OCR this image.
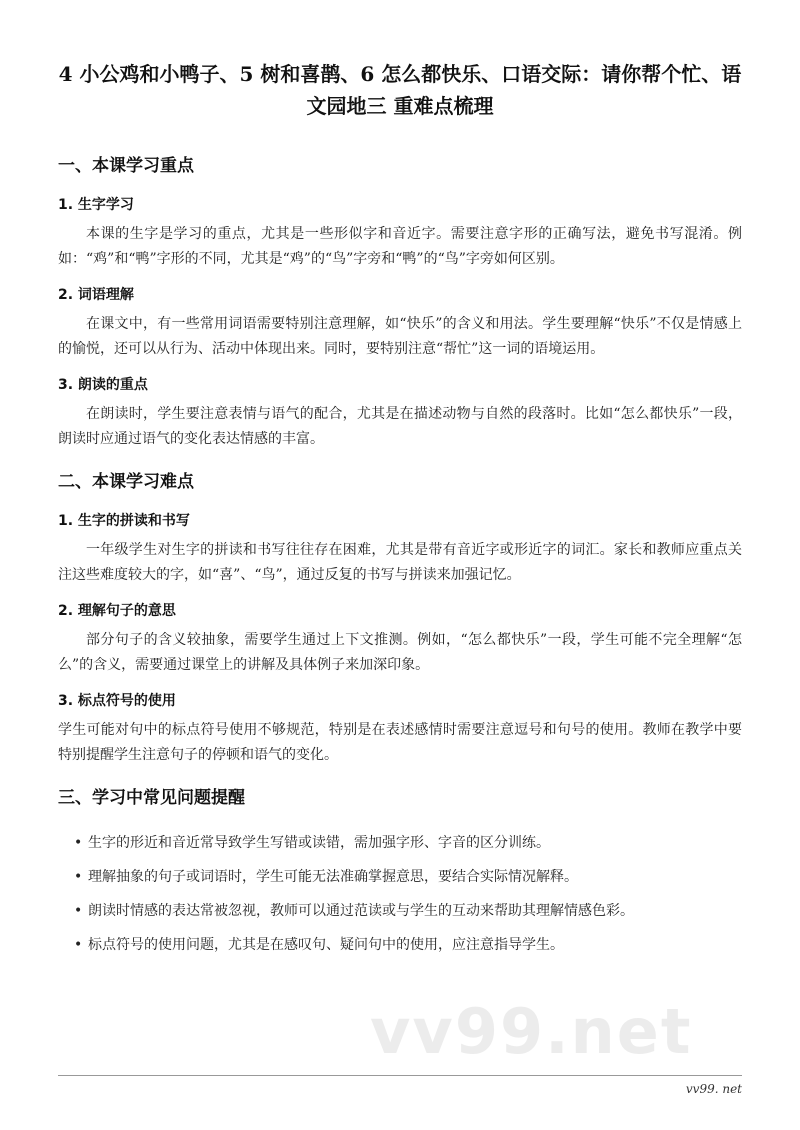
4 小公鸡和小鸭子、5 树和喜鹊、6 怎么都快乐、口语交际：请你帮个忙、语文园地三 重难点梳理
一、本课学习重点
1. 生字学习

本课的生字是学习的重点，尤其是一些形似字和音近字。需要注意字形的正确写法，避免书写混淆。例如：“鸡”和“鸭”字形的不同，尤其是“鸡”的“鸟”字旁和“鸭”的“鸟”字旁如何区别。

2. 词语理解

在课文中，有一些常用词语需要特别注意理解，如“快乐”的含义和用法。学生要理解“快乐”不仅是情感上的愉悦，还可以从行为、活动中体现出来。同时，要特别注意“帮忙”这一词的语境运用。

3. 朗读的重点

在朗读时，学生要注意表情与语气的配合，尤其是在描述动物与自然的段落时。比如“怎么都快乐”一段，朗读时应通过语气的变化表达情感的丰富。

二、本课学习难点
1. 生字的拼读和书写

一年级学生对生字的拼读和书写往往存在困难，尤其是带有音近字或形近字的词汇。家长和教师应重点关注这些难度较大的字，如“喜”、“鸟”，通过反复的书写与拼读来加强记忆。

2. 理解句子的意思

部分句子的含义较抽象，需要学生通过上下文推测。例如，“怎么都快乐”一段，学生可能不完全理解“怎么”的含义，需要通过课堂上的讲解及具体例子来加深印象。

3. 标点符号的使用

学生可能对句中的标点符号使用不够规范，特别是在表述感情时需要注意逗号和句号的使用。教师在教学中要特别提醒学生注意句子的停顿和语气的变化。

三、学习中常见问题提醒
• 生字的形近和音近常导致学生写错或读错，需加强字形、字音的区分训练。
• 理解抽象的句子或词语时，学生可能无法准确掌握意思，要结合实际情况解释。
• 朗读时情感的表达常被忽视，教师可以通过范读或与学生的互动来帮助其理解情感色彩。
• 标点符号的使用问题，尤其是在感叹句、疑问句中的使用，应注意指导学生。
vv99.net
vv99. net
